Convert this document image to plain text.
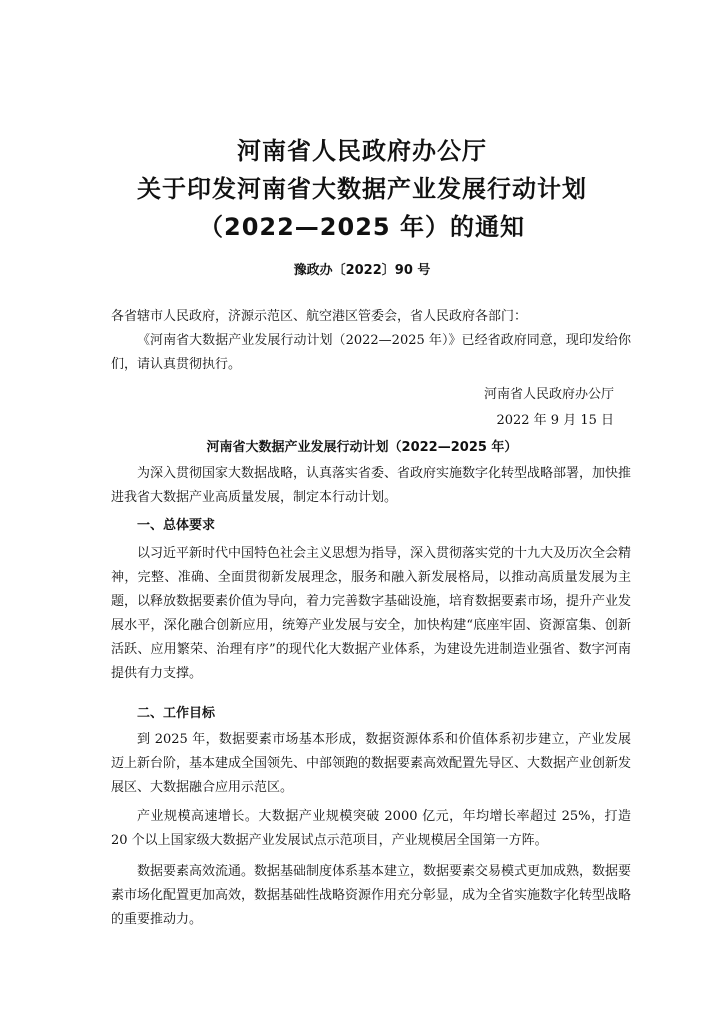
河南省人民政府办公厅
关于印发河南省大数据产业发展行动计划
（2022—2025 年）的通知
豫政办〔2022〕90 号

各省辖市人民政府，济源示范区、航空港区管委会，省人民政府各部门：

《河南省大数据产业发展行动计划（2022—2025 年）》已经省政府同意，现印发给你们，请认真贯彻执行。

河南省人民政府办公厅
2022 年 9 月 15 日
河南省大数据产业发展行动计划（2022—2025 年）

为深入贯彻国家大数据战略，认真落实省委、省政府实施数字化转型战略部署，加快推进我省大数据产业高质量发展，制定本行动计划。

一、总体要求

以习近平新时代中国特色社会主义思想为指导，深入贯彻落实党的十九大及历次全会精神，完整、准确、全面贯彻新发展理念，服务和融入新发展格局，以推动高质量发展为主题，以释放数据要素价值为导向，着力完善数字基础设施，培育数据要素市场，提升产业发展水平，深化融合创新应用，统筹产业发展与安全，加快构建“底座牢固、资源富集、创新活跃、应用繁荣、治理有序”的现代化大数据产业体系，为建设先进制造业强省、数字河南提供有力支撑。

二、工作目标

到 2025 年，数据要素市场基本形成，数据资源体系和价值体系初步建立，产业发展迈上新台阶，基本建成全国领先、中部领跑的数据要素高效配置先导区、大数据产业创新发展区、大数据融合应用示范区。

产业规模高速增长。大数据产业规模突破 2000 亿元，年均增长率超过 25%，打造 20 个以上国家级大数据产业发展试点示范项目，产业规模居全国第一方阵。

数据要素高效流通。数据基础制度体系基本建立，数据要素交易模式更加成熟，数据要素市场化配置更加高效，数据基础性战略资源作用充分彰显，成为全省实施数字化转型战略的重要推动力。
